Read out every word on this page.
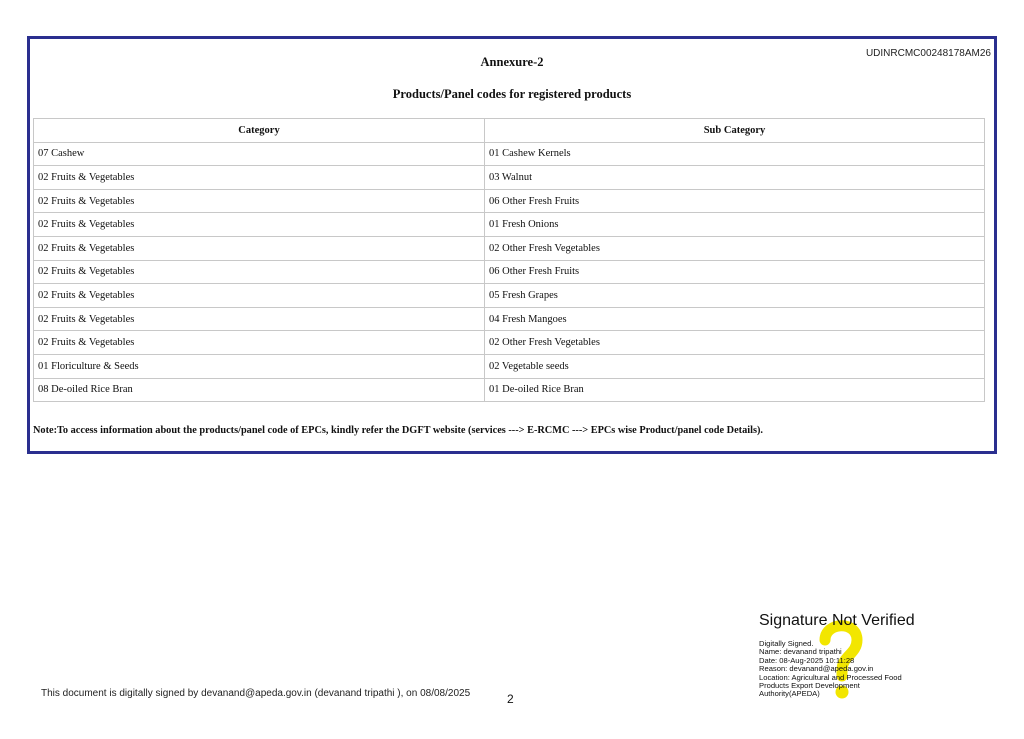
UDINRCMC00248178AM26
Annexure-2
Products/Panel codes for registered products
Category	Sub Category
07 Cashew	01 Cashew Kernels
02 Fruits & Vegetables	03 Walnut
02 Fruits & Vegetables	06 Other Fresh Fruits
02 Fruits & Vegetables	01 Fresh Onions
02 Fruits & Vegetables	02 Other Fresh Vegetables
02 Fruits & Vegetables	06 Other Fresh Fruits
02 Fruits & Vegetables	05 Fresh Grapes
02 Fruits & Vegetables	04 Fresh Mangoes
02 Fruits & Vegetables	02 Other Fresh Vegetables
01 Floriculture & Seeds	02 Vegetable seeds
08 De-oiled Rice Bran	01 De-oiled Rice Bran
Note:To access information about the products/panel code of EPCs, kindly refer the DGFT website (services ---> E-RCMC ---> EPCs wise Product/panel code Details).
This document is digitally signed by devanand@apeda.gov.in (devanand tripathi ), on 08/08/2025	2
Signature Not Verified
Digitally Signed.
Name: devanand tripathi
Date: 08-Aug-2025 10:11:28
Reason: devanand@apeda.gov.in
Location: Agricultural and Processed Food
Products Export Development
Authority(APEDA)
